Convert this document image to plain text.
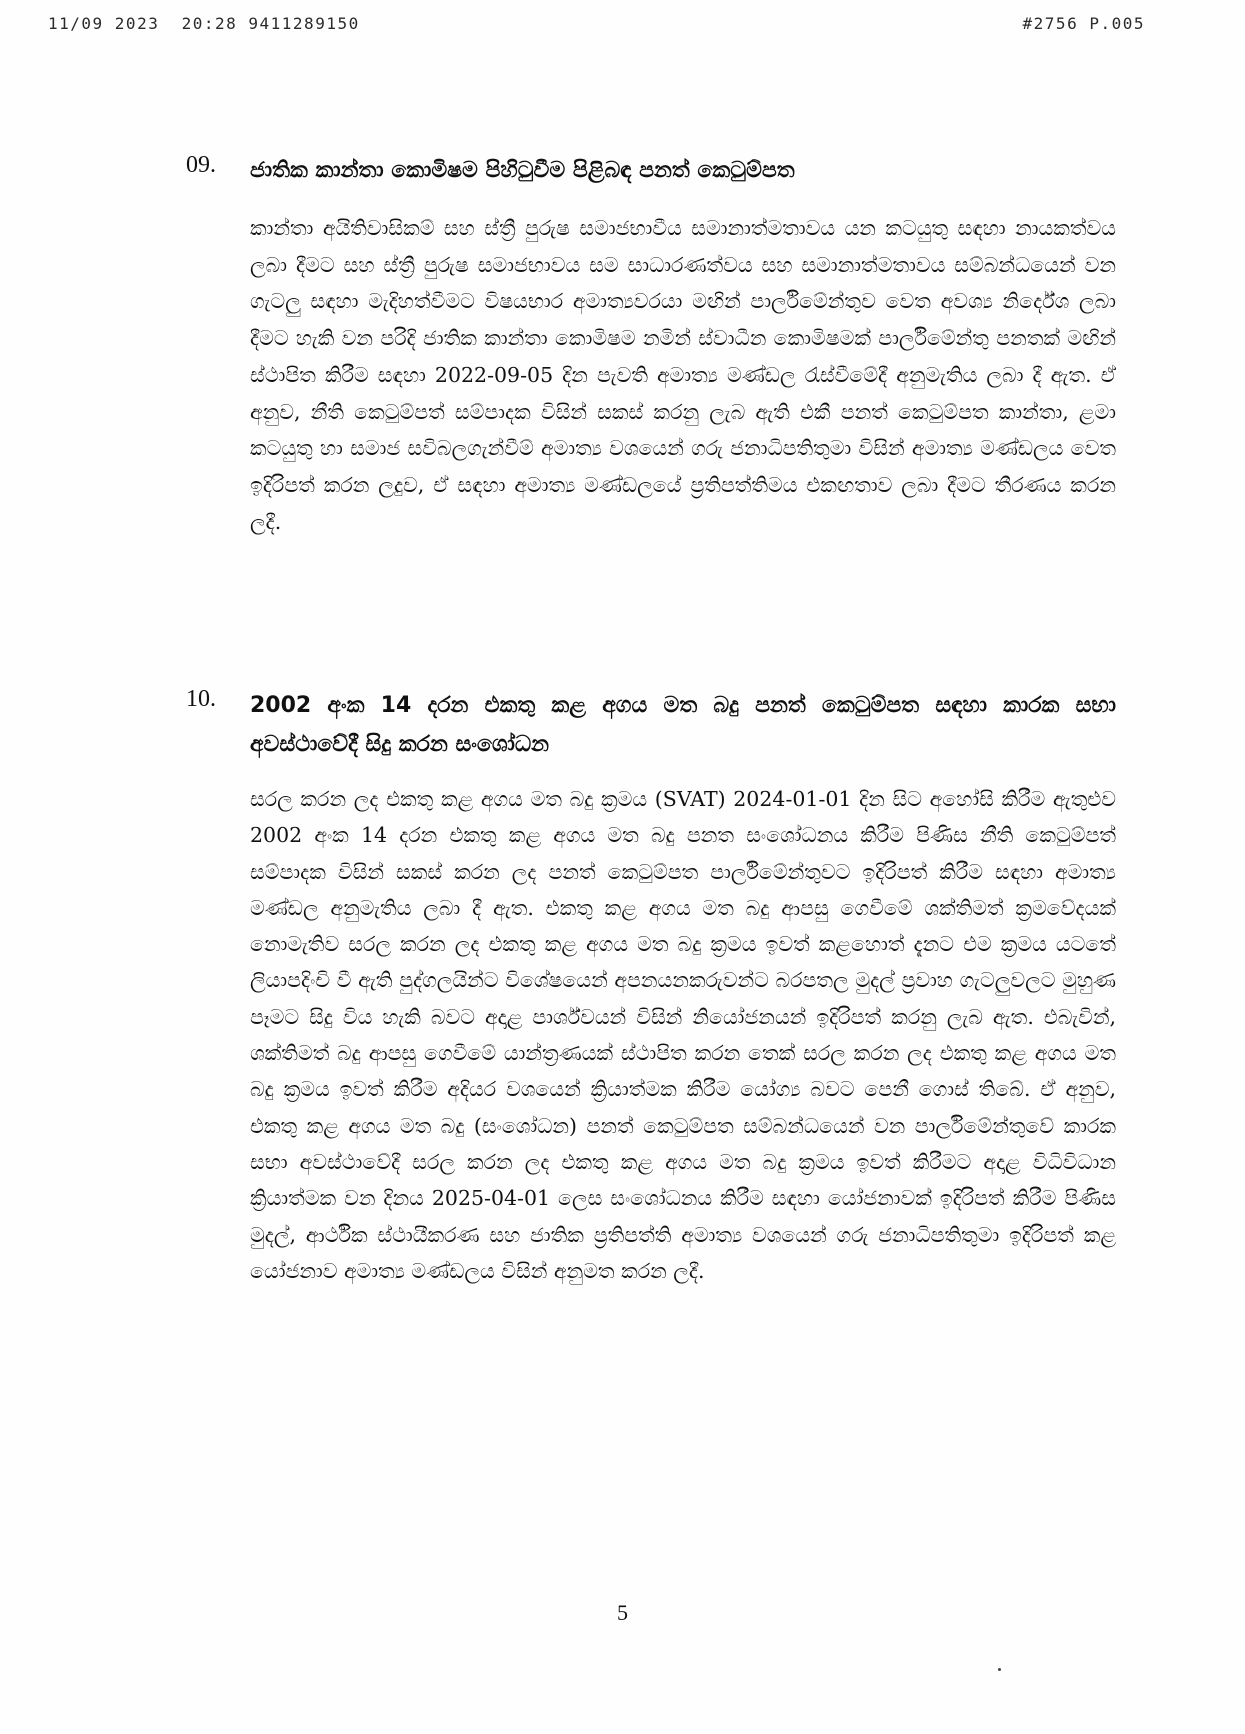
11/09 2023  20:28 9411289150	#2756 P.005
09. ජාතික කාන්තා කොමිෂම පිහිටුවීම පිළිබඳ පනත් කෙටුම්පත
කාන්තා අයිතිවාසිකම් සහ ස්ත්‍රී පුරුෂ සමාජභාවීය සමානාත්මතාවය යන කටයුතු සඳහා නායකත්වය ලබා දීමට සහ ස්ත්‍රී පුරුෂ සමාජභාවය සම සාධාරණත්වය සහ සමානාත්මතාවය සම්බන්ධයෙන් වන ගැටලු සඳහා මැදිහත්වීමට විෂයභාර අමාත්‍යවරයා මඟින් පාර්ලිමේන්තුව වෙත අවශ්‍ය නිර්දේශ ලබා දීමට හැකි වන පරිදි ජාතික කාන්තා කොමිෂම නමින් ස්වාධීන කොමිෂමක් පාර්ලිමේන්තු පනතක් මඟින් ස්ථාපිත කිරීම සඳහා 2022-09-05 දින පැවති අමාත්‍ය මණ්ඩල රැස්වීමේදී අනුමැතිය ලබා දී ඇත. ඒ අනුව, නීති කෙටුම්පත් සම්පාදක විසින් සකස් කරනු ලැබ ඇති එකී පනත් කෙටුම්පත කාන්තා, ළමා කටයුතු හා සමාජ සවිබලගැන්වීම් අමාත්‍ය වශයෙන් ගරු ජනාධිපතිතුමා විසින් අමාත්‍ය මණ්ඩලය වෙත ඉදිරිපත් කරන ලදුව, ඒ සඳහා අමාත්‍ය මණ්ඩලයේ ප්‍රතිපත්තිමය එකඟතාව ලබා දීමට තීරණය කරන ලදී.
10. 2002 අංක 14 දරන එකතු කළ අගය මත බදු පනත් කෙටුම්පත සඳහා කාරක සභා අවස්ථාවේදී සිදු කරන සංශෝධන
සරල කරන ලද එකතු කළ අගය මත බදු ක්‍රමය (SVAT) 2024-01-01 දින සිට අහෝසි කිරීම ඇතුළුව 2002 අංක 14 දරන එකතු කළ අගය මත බදු පනත සංශෝධනය කිරීම පිණිස නීති කෙටුම්පත් සම්පාදක විසින් සකස් කරන ලද පනත් කෙටුම්පත පාර්ලිමේන්තුවට ඉදිරිපත් කිරීම සඳහා අමාත්‍ය මණ්ඩල අනුමැතිය ලබා දී ඇත. එකතු කළ අගය මත බදු ආපසු ගෙවීමේ ශක්තිමත් ක්‍රමවේදයක් නොමැතිව සරල කරන ලද එකතු කළ අගය මත බදු ක්‍රමය ඉවත් කළහොත් දැනට එම ක්‍රමය යටතේ ලියාපදිංචි වී ඇති පුද්ගලයින්ට විශේෂයෙන් අපනයනකරුවන්ට බරපතල මුදල් ප්‍රවාහ ගැටලුවලට මුහුණ පෑමට සිදු විය හැකි බවට අදාළ පාර්ශ්වයන් විසින් නියෝජනයන් ඉදිරිපත් කරනු ලැබ ඇත. එබැවින්, ශක්තිමත් බදු ආපසු ගෙවීමේ යාන්ත්‍රණයක් ස්ථාපිත කරන තෙක් සරල කරන ලද එකතු කළ අගය මත බදු ක්‍රමය ඉවත් කිරීම අදියර වශයෙන් ක්‍රියාත්මක කිරීම යෝග්‍ය බවට පෙනී ගොස් තිබේ. ඒ අනුව, එකතු කළ අගය මත බදු (සංශෝධන) පනත් කෙටුම්පත සම්බන්ධයෙන් වන පාර්ලිමේන්තුවේ කාරක සභා අවස්ථාවේදී සරල කරන ලද එකතු කළ අගය මත බදු ක්‍රමය ඉවත් කිරීමට අදාළ විධිවිධාන ක්‍රියාත්මක වන දිනය 2025-04-01 ලෙස සංශෝධනය කිරීම සඳහා යෝජනාවක් ඉදිරිපත් කිරීම පිණිස මුදල්, ආර්ථික ස්ථායීකරණ සහ ජාතික ප්‍රතිපත්ති අමාත්‍ය වශයෙන් ගරු ජනාධිපතිතුමා ඉදිරිපත් කළ යෝජනාව අමාත්‍ය මණ්ඩලය විසින් අනුමත කරන ලදී.
5
